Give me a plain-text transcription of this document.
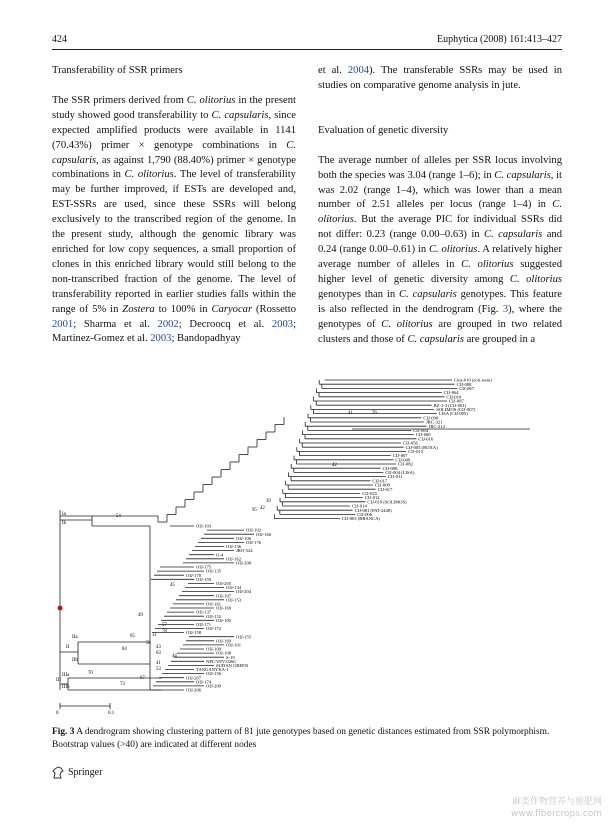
424	Euphytica (2008) 161:413–427
Transferability of SSR primers

The SSR primers derived from C. olitorius in the present study showed good transferability to C. capsularis, since expected amplified products were available in 1141 (70.43%) primer × genotype combinations in C. capsularis, as against 1,790 (88.40%) primer × genotype combinations in C. olitorius. The level of transferability may be further improved, if ESTs are developed and, EST-SSRs are used, since these SSRs will belong exclusively to the transcribed region of the genome. In the present study, although the genomic library was enriched for low copy sequences, a small proportion of clones in this enriched library would still belong to the non-transcribed fraction of the genome. The level of transferability reported in earlier studies falls within the range of 5% in Zostera to 100% in Caryocar (Rossetto 2001; Sharma et al. 2002; Decroocq et al. 2003; Martinez-Gomez et al. 2003; Bandopadhyay

et al. 2004). The transferable SSRs may be used in studies on comparative genome analysis in jute.

Evaluation of genetic diversity

The average number of alleles per SSR locus involving both the species was 3.04 (range 1–6); in C. capsularis, it was 2.02 (range 1–4), which was lower than a mean number of 2.51 alleles per locus (range 1–4) in C. olitorius. But the average PIC for individual SSRs did not differ: 0.23 (range 0.00–0.63) in C. capsularis and 0.24 (range 0.00–0.61) in C. olitorius. A relatively higher average number of alleles in C. olitorius suggested higher level of genetic diversity among C. olitorius genotypes than in C. capsularis genotypes. This feature is also reflected in the dendrogram (Fig. 3), where the genotypes of C. olitorius are grouped in two related clusters and those of C. capsularis are grouped in a

Cms-010 (soft stem)
CIJ-088
CIJ-067
CIJ-064
CIJ-010
CIJ-087
BZ-1-3 (CIJ-001)
SOLIMOS (CIJ-007)
LISA (CIJ-005)
CIJ-090
JRC-321
JRC-212
CIJ-084
CIJ-060
CIJ-016
CIJ-056
CIJ-005 (ROXA)
CIJ-015
CIJ-007
CIJ-009
CIJ-082
CIJ-008
CIJ-004 (LISA)
CIJ-011
CIJ-017
CIJ-008
CIJ-017
CIJ-025
CIJ-012
CIJ-019 (SOLIMOS)
CIJ-014
CIJ-081 (PAT-2448)
CIJ-006
CIJ-003 (BRANCA)
OIJ-103
OIJ-102
OIJ-160
OIJ-106
OIJ-176
OIJ-136
JRO-524
O-4
OIJ-162
OIJ-208
OIJ-175
OIJ-135
OIJ-170
OIJ-159
OIJ-205
OIJ-134
OIJ-204
OIJ-107
OIJ-153
OIJ-161
OIJ-169
OIJ-137
OIJ-152
OIJ-105
OIJ-171
OIJ-172
OIJ-158
OIJ-155
OIJ-169
OIJ-101
OIJ-109
OIJ-108
S-19
NPL/YPV/026C
SUDAN GREEN
TANGANYKA-1
OIJ-156
OIJ-207
OIJ-174
OIJ-209
OIJ-206
42
39
41
42
95
54
49
57
31
45
76
78
43
65
58
63
84
44
41
53
70
67
73
Ia
Ib
IIa
IIb
IIIa
IIIb
II
III
0	0.1
Fig. 3 A dendrogram showing clustering pattern of 81 jute genotypes based on genetic distances estimated from SSR polymorphism. Bootstrap values (>40) are indicated at different nodes
Springer
麻类作物营养与施肥网
www.fibercrops.com
